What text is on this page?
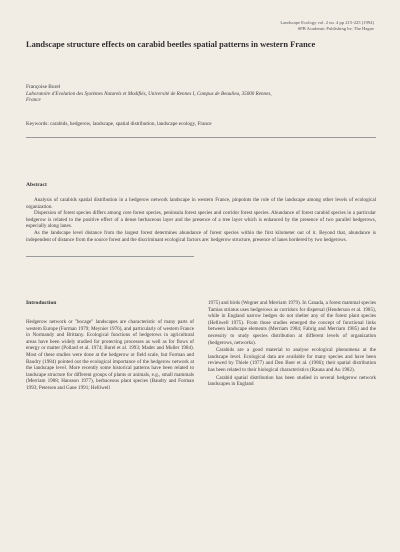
Landscape Ecology vol. 2 no. 4 pp 215-225 (1994)
SPB Academic Publishing bv, The Hague
Landscape structure effects on carabid beetles spatial patterns in western France
Françoise Burel
Laboratoire d'Evolution des Systèmes Naturels et Modifiés, Université de Rennes I, Campus de Beaulieu, 35000 Rennes, France
Keywords: carabids, hedgerow, landscape, spatial distribution, landscape ecology, France
Abstract

Analysis of carabids spatial distribution in a hedgerow network landscape in western France, pinpoints the role of the landscape among other levels of ecological organization.

Dispersion of forest species differs among core forest species, peninsula forest species and corridor forest species. Abundance of forest carabid species in a particular hedgerow is related to the positive effect of a dense herbaceous layer and the presence of a tree layer which is enhanced by the presence of two parallel hedgerows, especially along lanes.

As the landscape level distance from the largest forest determines abundance of forest species within the first kilometer out of it. Beyond that, abundance is independent of distance from the source forest and the discriminant ecological factors are: hedgerow structure, presence of lanes bordered by two hedgerows.

Introduction

Hedgerow network or "bocage" landscapes are characteristic of many parts of western Europe (Forman 1979; Meynier 1976), and particularly of western France in Normandy and Brittany. Ecological functions of hedgerows in agricultural areas have been widely studied for protecting processes as well as for flows of energy or matter (Pollard et al. 1974; Burel et al. 1993; Mader and Muller 1984). Most of these studies were done at the hedgerow or field scale, but Forman and Baudry (1984) pointed out the ecological importance of the hedgerow network at the landscape level. More recently some historical patterns have been related to landscape structure for different groups of plants or animals, e.g., small mammals (Merriam 1988; Hansson 1977), herbaceous plant species (Baudry and Forman 1993; Petersen and Gane 1991; Helliwell

1975) and birds (Wegner and Merriam 1979). In Canada, a forest mammal species Tamias striatus uses hedgerows as corridors for dispersal (Henderson et al. 1985), while in England narrow hedges do not shelter any of the forest plant species (Helliwell 1975). From those studies emerged the concept of functional links between landscape elements (Merriam 1984; Fahrig and Merriam 1985) and the necessity to study species distribution at different levels of organization (hedgerows, networks).

Carabids are a good material to analyse ecological phenomena at the landscape level. Ecological data are available for many species and have been reviewed by Thiele (1977) and Den Boer et al. (1986); their spatial distribution has been related to their biological characteristics (Rauna and Au 1982).

Carabid spatial distribution has been studied in several hedgerow network landscapes in England
